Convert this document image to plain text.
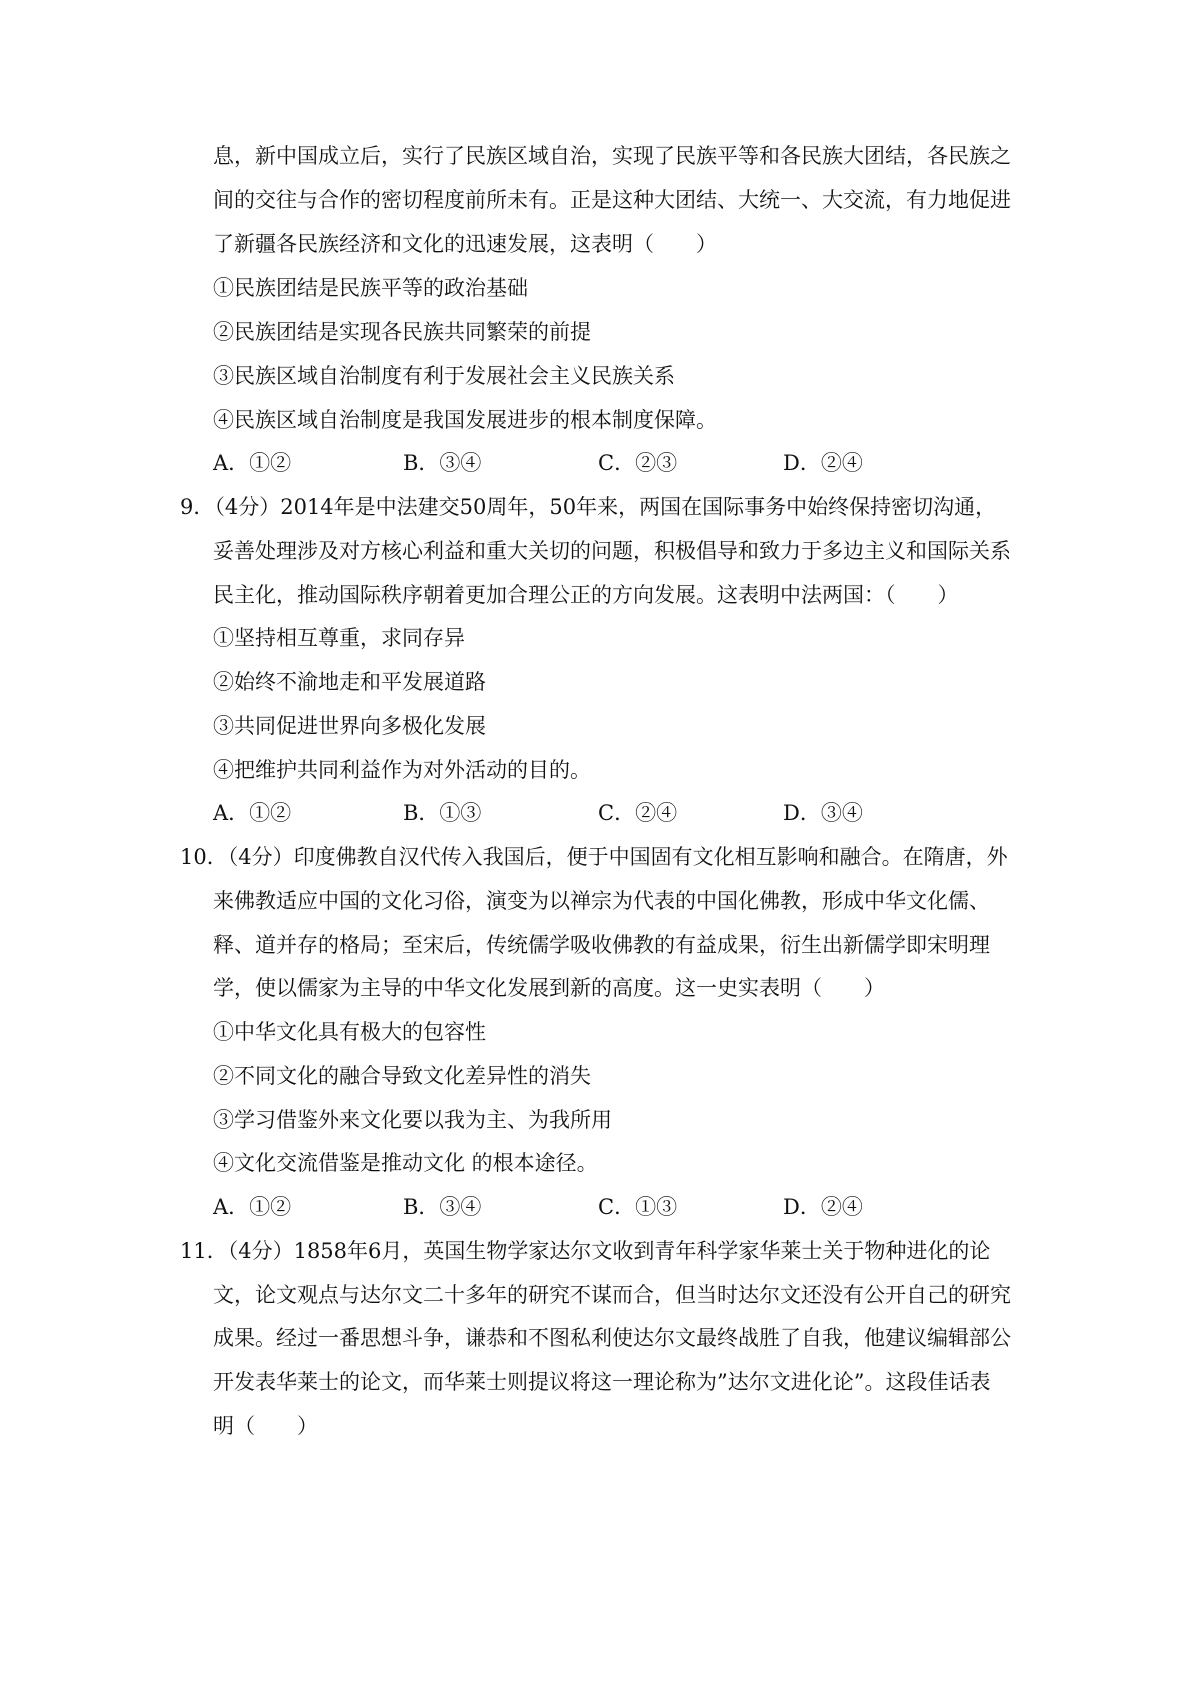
息，新中国成立后，实行了民族区域自治，实现了民族平等和各民族大团结，各民族之
间的交往与合作的密切程度前所未有。正是这种大团结、大统一、大交流，有力地促进
了新疆各民族经济和文化的迅速发展，这表明（　　）
①民族团结是民族平等的政治基础
②民族团结是实现各民族共同繁荣的前提
③民族区域自治制度有利于发展社会主义民族关系
④民族区域自治制度是我国发展进步的根本制度保障。
A．①②	B．③④	C．②③	D．②④
9．（4分）2014年是中法建交50周年，50年来，两国在国际事务中始终保持密切沟通，
妥善处理涉及对方核心利益和重大关切的问题，积极倡导和致力于多边主义和国际关系
民主化，推动国际秩序朝着更加合理公正的方向发展。这表明中法两国：（　　）
①坚持相互尊重，求同存异
②始终不渝地走和平发展道路
③共同促进世界向多极化发展
④把维护共同利益作为对外活动的目的。
A．①②	B．①③	C．②④	D．③④
10．（4分）印度佛教自汉代传入我国后，便于中国固有文化相互影响和融合。在隋唐，外
来佛教适应中国的文化习俗，演变为以禅宗为代表的中国化佛教，形成中华文化儒、
释、道并存的格局；至宋后，传统儒学吸收佛教的有益成果，衍生出新儒学即宋明理
学，使以儒家为主导的中华文化发展到新的高度。这一史实表明（　　）
①中华文化具有极大的包容性
②不同文化的融合导致文化差异性的消失
③学习借鉴外来文化要以我为主、为我所用
④文化交流借鉴是推动文化 的根本途径。
A．①②	B．③④	C．①③	D．②④
11．（4分）1858年6月，英国生物学家达尔文收到青年科学家华莱士关于物种进化的论
文，论文观点与达尔文二十多年的研究不谋而合，但当时达尔文还没有公开自己的研究
成果。经过一番思想斗争，谦恭和不图私利使达尔文最终战胜了自我，他建议编辑部公
开发表华莱士的论文，而华莱士则提议将这一理论称为”达尔文进化论”。这段佳话表
明（　　）
